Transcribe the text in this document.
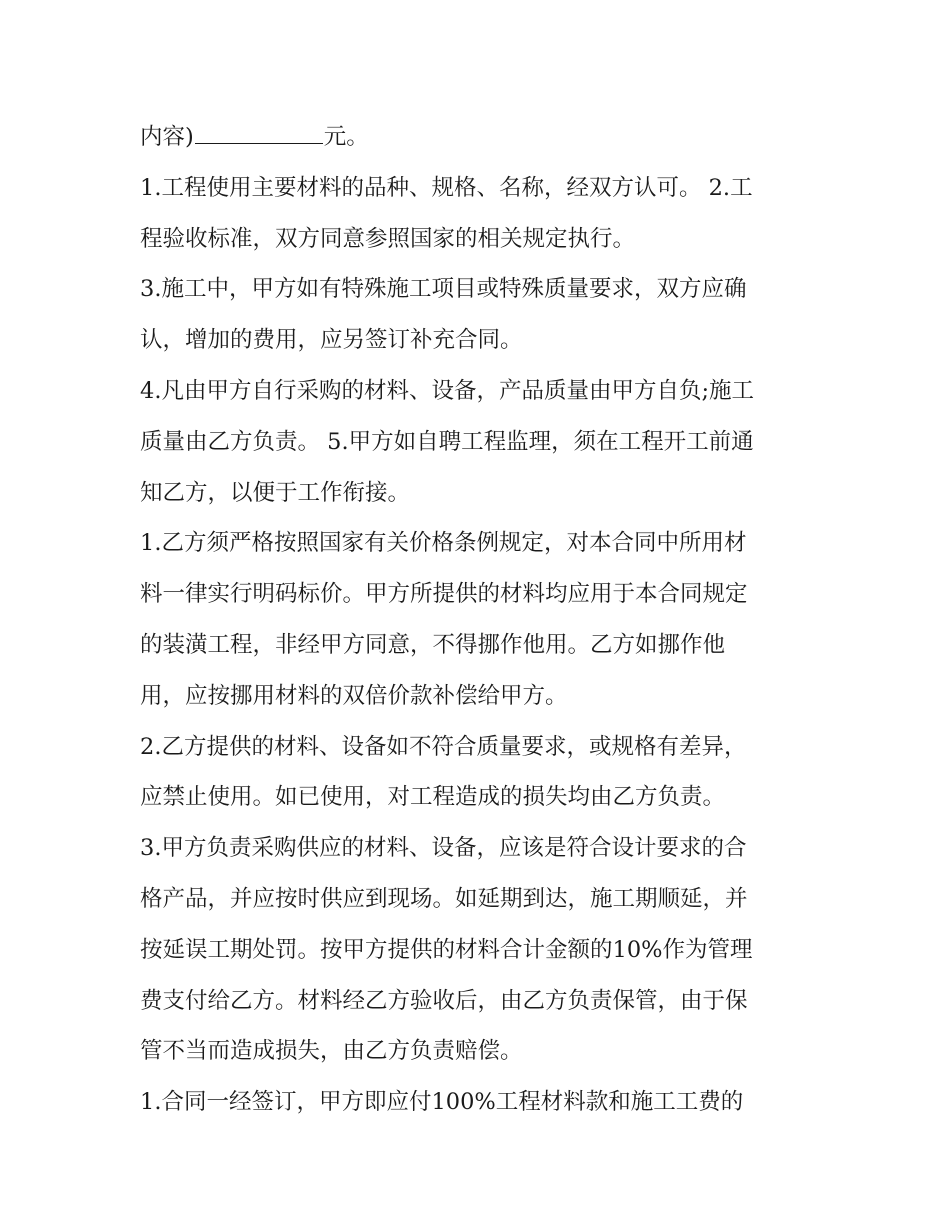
内容)	元。

1.工程使用主要材料的品种、规格、名称，经双方认可。 2.工

程验收标准，双方同意参照国家的相关规定执行。

3.施工中，甲方如有特殊施工项目或特殊质量要求，双方应确

认，增加的费用，应另签订补充合同。

4.凡由甲方自行采购的材料、设备，产品质量由甲方自负;施工

质量由乙方负责。 5.甲方如自聘工程监理，须在工程开工前通

知乙方，以便于工作衔接。

1.乙方须严格按照国家有关价格条例规定，对本合同中所用材

料一律实行明码标价。甲方所提供的材料均应用于本合同规定

的装潢工程，非经甲方同意，不得挪作他用。乙方如挪作他

用，应按挪用材料的双倍价款补偿给甲方。

2.乙方提供的材料、设备如不符合质量要求，或规格有差异，

应禁止使用。如已使用，对工程造成的损失均由乙方负责。

3.甲方负责采购供应的材料、设备，应该是符合设计要求的合

格产品，并应按时供应到现场。如延期到达，施工期顺延，并

按延误工期处罚。按甲方提供的材料合计金额的10%作为管理

费支付给乙方。材料经乙方验收后，由乙方负责保管，由于保

管不当而造成损失，由乙方负责赔偿。

1.合同一经签订，甲方即应付100%工程材料款和施工工费的
